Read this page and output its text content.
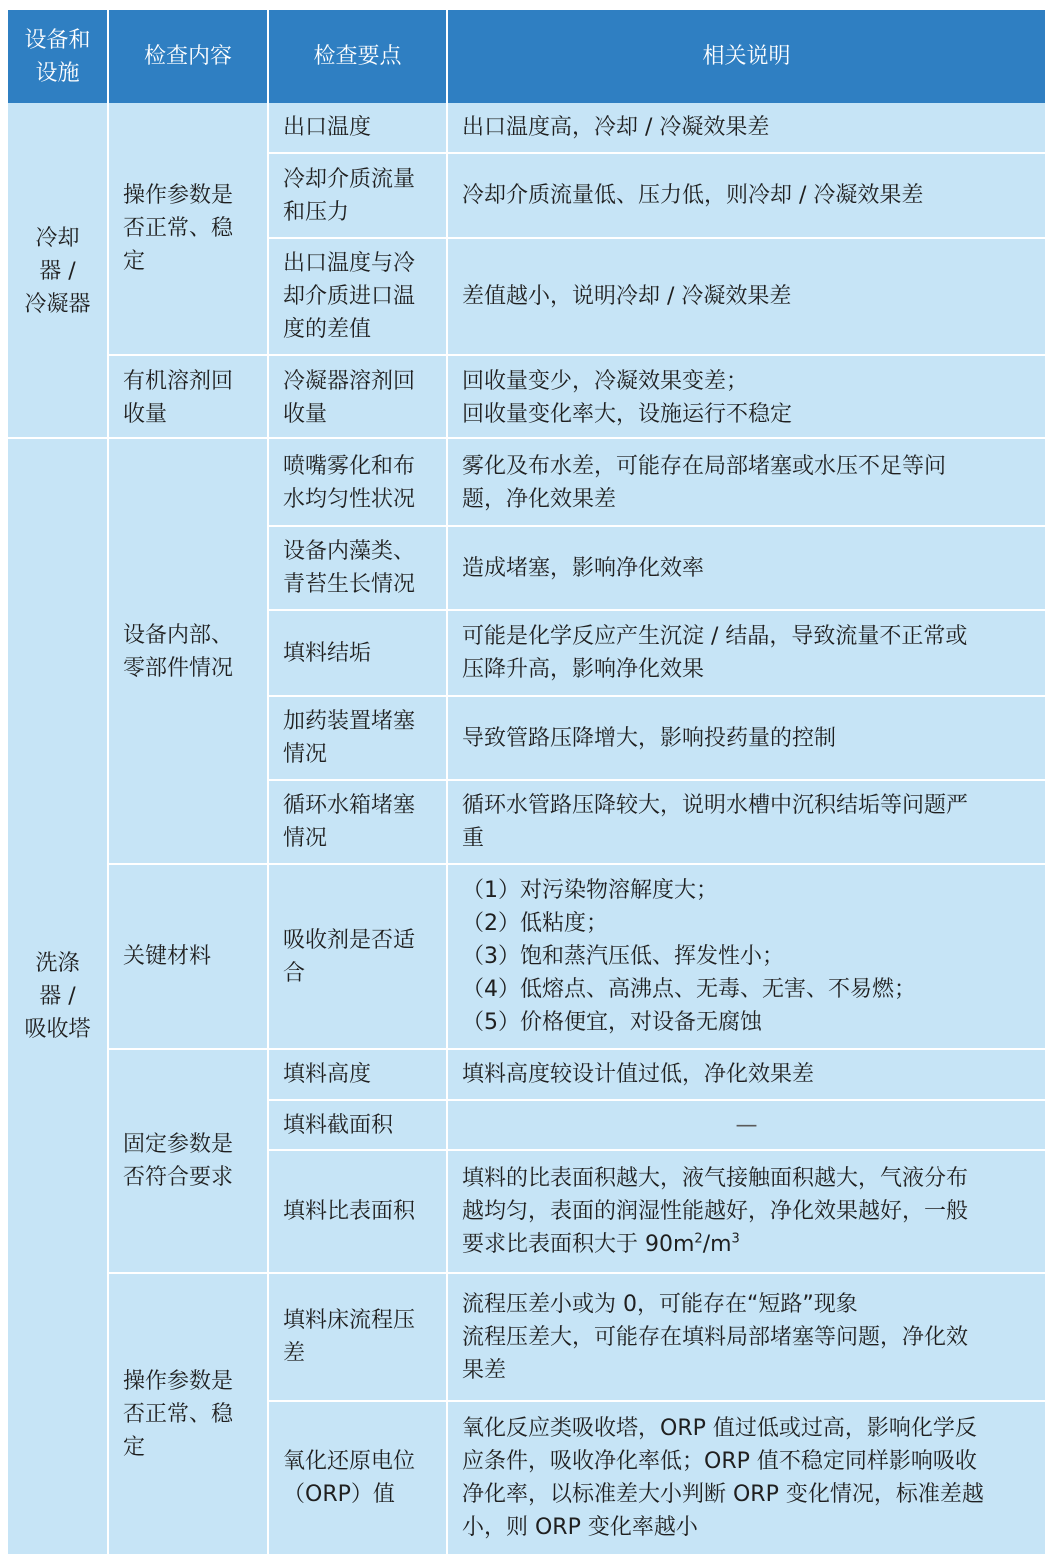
设备和
设施
检查内容	检查要点	相关说明
冷却
器 /
冷凝器
洗涤
器 /
吸收塔
操作参数是
否正常、稳
定
有机溶剂回
收量
设备内部、
零部件情况
关键材料
固定参数是
否符合要求
操作参数是
否正常、稳
定
出口温度
冷却介质流量
和压力
出口温度与冷
却介质进口温
度的差值
冷凝器溶剂回
收量
喷嘴雾化和布
水均匀性状况
设备内藻类、
青苔生长情况
填料结垢
加药装置堵塞
情况
循环水箱堵塞
情况
吸收剂是否适
合
填料高度
填料截面积
填料比表面积
填料床流程压
差
氧化还原电位
（ORP）值
出口温度高，冷却 / 冷凝效果差
冷却介质流量低、压力低，则冷却 / 冷凝效果差
差值越小，说明冷却 / 冷凝效果差
回收量变少，冷凝效果变差；
回收量变化率大，设施运行不稳定
雾化及布水差，可能存在局部堵塞或水压不足等问
题，净化效果差
造成堵塞，影响净化效率
可能是化学反应产生沉淀 / 结晶，导致流量不正常或
压降升高，影响净化效果
导致管路压降增大，影响投药量的控制
循环水管路压降较大，说明水槽中沉积结垢等问题严
重
（1）对污染物溶解度大；
（2）低粘度；
（3）饱和蒸汽压低、挥发性小；
（4）低熔点、高沸点、无毒、无害、不易燃；
（5）价格便宜，对设备无腐蚀
填料高度较设计值过低，净化效果差
—
填料的比表面积越大，液气接触面积越大，气液分布
越均匀，表面的润湿性能越好，净化效果越好，一般
要求比表面积大于 $90m^2/m^3$
流程压差小或为 0，可能存在“短路”现象
流程压差大，可能存在填料局部堵塞等问题，净化效
果差
氧化反应类吸收塔，ORP 值过低或过高，影响化学反
应条件，吸收净化率低；ORP 值不稳定同样影响吸收
净化率，以标准差大小判断 ORP 变化情况，标准差越
小，则 ORP 变化率越小
